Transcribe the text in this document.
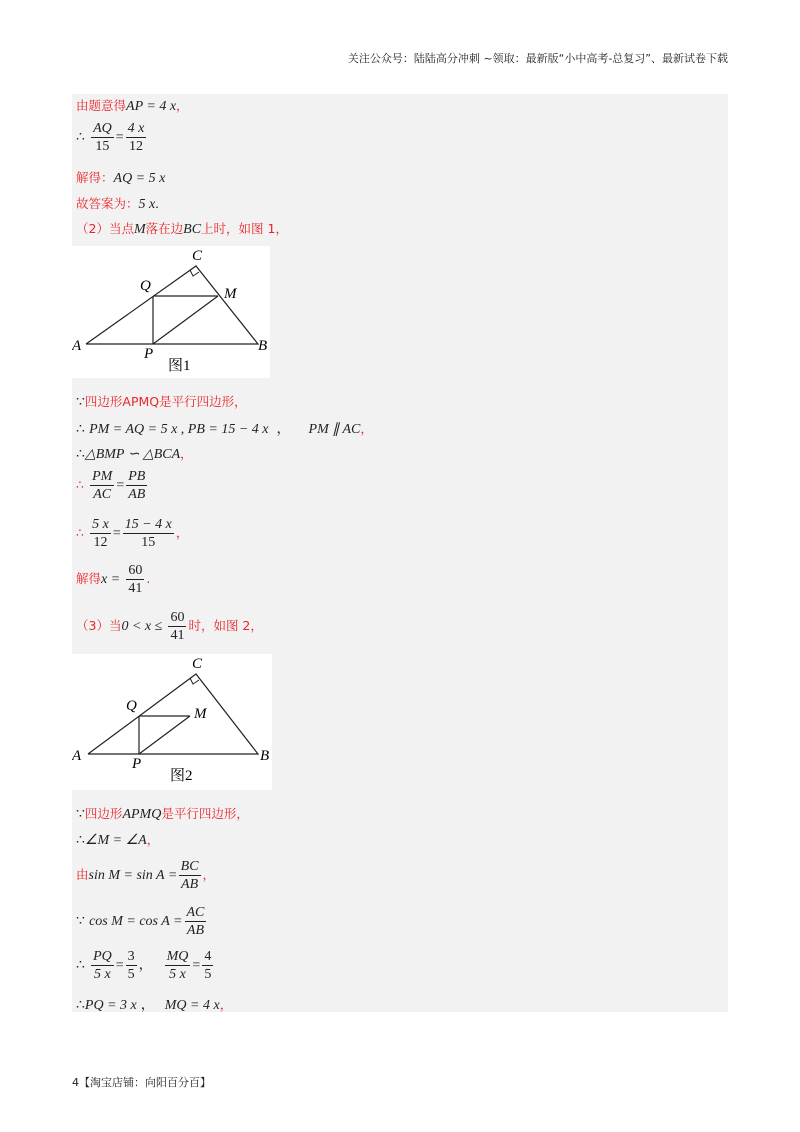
关注公众号：陆陆高分冲刺 ~领取：最新版“小中高考-总复习”、最新试卷下载
由题意得AP = 4 x，
∴ $\frac{AQ}{15} = \frac{4 x}{12}$
解得：AQ = 5 x
故答案为：5 x.
（2）当点M落在边BC上时，如图 1，
A	B
C
P
Q	M
图1
∵四边形APMQ是平行四边形，
∴ PM = AQ = 5 x , PB = 15 − 4 x ， PM ∥ AC，
∴△BMP ∽ △BCA，
∴ $\frac{PM}{AC} = \frac{PB}{AB}$
∴ $\frac{5 x}{12} = \frac{15 - 4 x}{15}$ ，
解得$x = \frac{60}{41}$ .
（3）当$0 < x \le \frac{60}{41}$ 时，如图 2，
A	B
C
P
Q	M
图2
∵四边形APMQ是平行四边形，
∴∠M = ∠A，
由$\sin M = \sin A = \frac{BC}{AB}$ ，
∵ $\cos M = \cos A = \frac{AC}{AB}$
∴ $\frac{PQ}{5 x} = \frac{3}{5}$ ， $\frac{MQ}{5 x} = \frac{4}{5}$
∴PQ = 3 x ， MQ = 4 x，
4【淘宝店铺：向阳百分百】
